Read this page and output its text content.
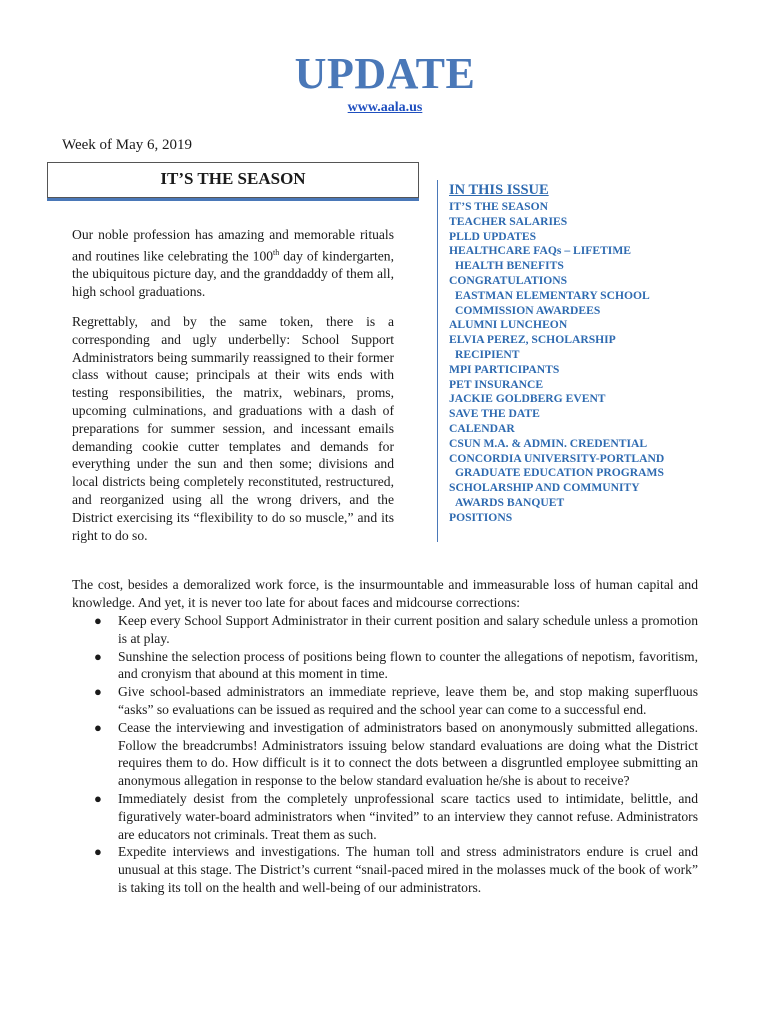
UPDATE
www.aala.us
Week of May 6, 2019
IT’S THE SEASON
Our noble profession has amazing and memorable rituals and routines like celebrating the 100th day of kindergarten, the ubiquitous picture day, and the granddaddy of them all, high school graduations.
Regrettably, and by the same token, there is a corresponding and ugly underbelly: School Support Administrators being summarily reassigned to their former class without cause; principals at their wits ends with testing responsibilities, the matrix, webinars, proms, upcoming culminations, and graduations with a dash of preparations for summer session, and incessant emails demanding cookie cutter templates and demands for everything under the sun and then some; divisions and local districts being completely reconstituted, restructured, and reorganized using all the wrong drivers, and the District exercising its “flexibility to do so muscle,” and its right to do so.
IN THIS ISSUE
IT’S THE SEASON
TEACHER SALARIES
PLLD UPDATES
HEALTHCARE FAQs – LIFETIME
HEALTH BENEFITS
CONGRATULATIONS
EASTMAN ELEMENTARY SCHOOL
COMMISSION AWARDEES
ALUMNI LUNCHEON
ELVIA PEREZ, SCHOLARSHIP
RECIPIENT
MPI PARTICIPANTS
PET INSURANCE
JACKIE GOLDBERG EVENT
SAVE THE DATE
CALENDAR
CSUN M.A. & ADMIN. CREDENTIAL
CONCORDIA UNIVERSITY-PORTLAND
GRADUATE EDUCATION PROGRAMS
SCHOLARSHIP AND COMMUNITY
AWARDS BANQUET
POSITIONS
The cost, besides a demoralized work force, is the insurmountable and immeasurable loss of human capital and knowledge. And yet, it is never too late for about faces and midcourse corrections:
● Keep every School Support Administrator in their current position and salary schedule unless a promotion is at play.
● Sunshine the selection process of positions being flown to counter the allegations of nepotism, favoritism, and cronyism that abound at this moment in time.
● Give school-based administrators an immediate reprieve, leave them be, and stop making superfluous “asks” so evaluations can be issued as required and the school year can come to a successful end.
● Cease the interviewing and investigation of administrators based on anonymously submitted allegations. Follow the breadcrumbs! Administrators issuing below standard evaluations are doing what the District requires them to do. How difficult is it to connect the dots between a disgruntled employee submitting an anonymous allegation in response to the below standard evaluation he/she is about to receive?
● Immediately desist from the completely unprofessional scare tactics used to intimidate, belittle, and figuratively water-board administrators when “invited” to an interview they cannot refuse. Administrators are educators not criminals. Treat them as such.
● Expedite interviews and investigations. The human toll and stress administrators endure is cruel and unusual at this stage. The District’s current “snail-paced mired in the molasses muck of the book of work” is taking its toll on the health and well-being of our administrators.
